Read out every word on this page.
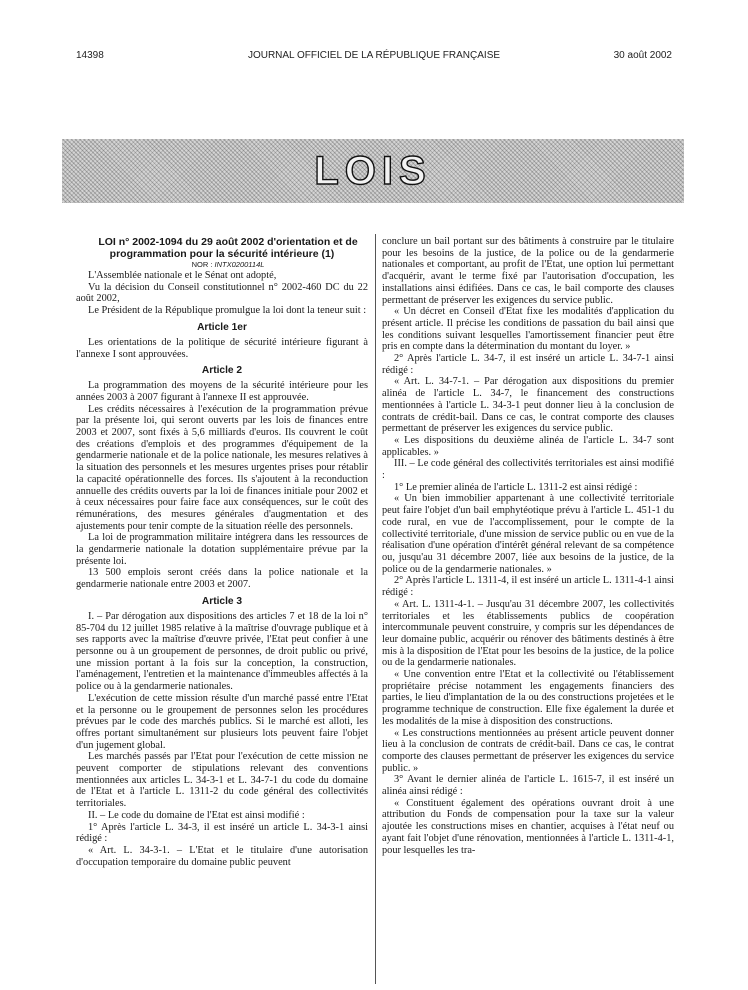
14398	JOURNAL OFFICIEL DE LA RÉPUBLIQUE FRANÇAISE	30 août 2002
LOIS

LOI n° 2002-1094 du 29 août 2002 d'orientation et de programmation pour la sécurité intérieure (1)

NOR : INTX0200114L

L'Assemblée nationale et le Sénat ont adopté,

Vu la décision du Conseil constitutionnel n° 2002-460 DC du 22 août 2002,

Le Président de la République promulgue la loi dont la teneur suit :

Article 1er

Les orientations de la politique de sécurité intérieure figurant à l'annexe I sont approuvées.

Article 2

La programmation des moyens de la sécurité intérieure pour les années 2003 à 2007 figurant à l'annexe II est approuvée.

Les crédits nécessaires à l'exécution de la programmation prévue par la présente loi, qui seront ouverts par les lois de finances entre 2003 et 2007, sont fixés à 5,6 milliards d'euros. Ils couvrent le coût des créations d'emplois et des programmes d'équipement de la gendarmerie nationale et de la police nationale, les mesures relatives à la situation des personnels et les mesures urgentes prises pour rétablir la capacité opérationnelle des forces. Ils s'ajoutent à la reconduction annuelle des crédits ouverts par la loi de finances initiale pour 2002 et à ceux nécessaires pour faire face aux conséquences, sur le coût des rémunérations, des mesures générales d'augmentation et des ajustements pour tenir compte de la situation réelle des personnels.

La loi de programmation militaire intégrera dans les ressources de la gendarmerie nationale la dotation supplémentaire prévue par la présente loi.

13 500 emplois seront créés dans la police nationale et la gendarmerie nationale entre 2003 et 2007.

Article 3

I. – Par dérogation aux dispositions des articles 7 et 18 de la loi n° 85-704 du 12 juillet 1985 relative à la maîtrise d'ouvrage publique et à ses rapports avec la maîtrise d'œuvre privée, l'Etat peut confier à une personne ou à un groupement de personnes, de droit public ou privé, une mission portant à la fois sur la conception, la construction, l'aménagement, l'entretien et la maintenance d'immeubles affectés à la police ou à la gendarmerie nationales.

L'exécution de cette mission résulte d'un marché passé entre l'Etat et la personne ou le groupement de personnes selon les procédures prévues par le code des marchés publics. Si le marché est alloti, les offres portant simultanément sur plusieurs lots peuvent faire l'objet d'un jugement global.

Les marchés passés par l'Etat pour l'exécution de cette mission ne peuvent comporter de stipulations relevant des conventions mentionnées aux articles L. 34-3-1 et L. 34-7-1 du code du domaine de l'Etat et à l'article L. 1311-2 du code général des collectivités territoriales.

II. – Le code du domaine de l'Etat est ainsi modifié :

1° Après l'article L. 34-3, il est inséré un article L. 34-3-1 ainsi rédigé :

« Art. L. 34-3-1. – L'Etat et le titulaire d'une autorisation d'occupation temporaire du domaine public peuvent

conclure un bail portant sur des bâtiments à construire par le titulaire pour les besoins de la justice, de la police ou de la gendarmerie nationales et comportant, au profit de l'Etat, une option lui permettant d'acquérir, avant le terme fixé par l'autorisation d'occupation, les installations ainsi édifiées. Dans ce cas, le bail comporte des clauses permettant de préserver les exigences du service public.

« Un décret en Conseil d'Etat fixe les modalités d'application du présent article. Il précise les conditions de passation du bail ainsi que les conditions suivant lesquelles l'amortissement financier peut être pris en compte dans la détermination du montant du loyer. »

2° Après l'article L. 34-7, il est inséré un article L. 34-7-1 ainsi rédigé :

« Art. L. 34-7-1. – Par dérogation aux dispositions du premier alinéa de l'article L. 34-7, le financement des constructions mentionnées à l'article L. 34-3-1 peut donner lieu à la conclusion de contrats de crédit-bail. Dans ce cas, le contrat comporte des clauses permettant de préserver les exigences du service public.

« Les dispositions du deuxième alinéa de l'article L. 34-7 sont applicables. »

III. – Le code général des collectivités territoriales est ainsi modifié :

1° Le premier alinéa de l'article L. 1311-2 est ainsi rédigé :

« Un bien immobilier appartenant à une collectivité territoriale peut faire l'objet d'un bail emphytéotique prévu à l'article L. 451-1 du code rural, en vue de l'accomplissement, pour le compte de la collectivité territoriale, d'une mission de service public ou en vue de la réalisation d'une opération d'intérêt général relevant de sa compétence ou, jusqu'au 31 décembre 2007, liée aux besoins de la justice, de la police ou de la gendarmerie nationales. »

2° Après l'article L. 1311-4, il est inséré un article L. 1311-4-1 ainsi rédigé :

« Art. L. 1311-4-1. – Jusqu'au 31 décembre 2007, les collectivités territoriales et les établissements publics de coopération intercommunale peuvent construire, y compris sur les dépendances de leur domaine public, acquérir ou rénover des bâtiments destinés à être mis à la disposition de l'Etat pour les besoins de la justice, de la police ou de la gendarmerie nationales.

« Une convention entre l'Etat et la collectivité ou l'établissement propriétaire précise notamment les engagements financiers des parties, le lieu d'implantation de la ou des constructions projetées et le programme technique de construction. Elle fixe également la durée et les modalités de la mise à disposition des constructions.

« Les constructions mentionnées au présent article peuvent donner lieu à la conclusion de contrats de crédit-bail. Dans ce cas, le contrat comporte des clauses permettant de préserver les exigences du service public. »

3° Avant le dernier alinéa de l'article L. 1615-7, il est inséré un alinéa ainsi rédigé :

« Constituent également des opérations ouvrant droit à une attribution du Fonds de compensation pour la taxe sur la valeur ajoutée les constructions mises en chantier, acquises à l'état neuf ou ayant fait l'objet d'une rénovation, mentionnées à l'article L. 1311-4-1, pour lesquelles les tra-
